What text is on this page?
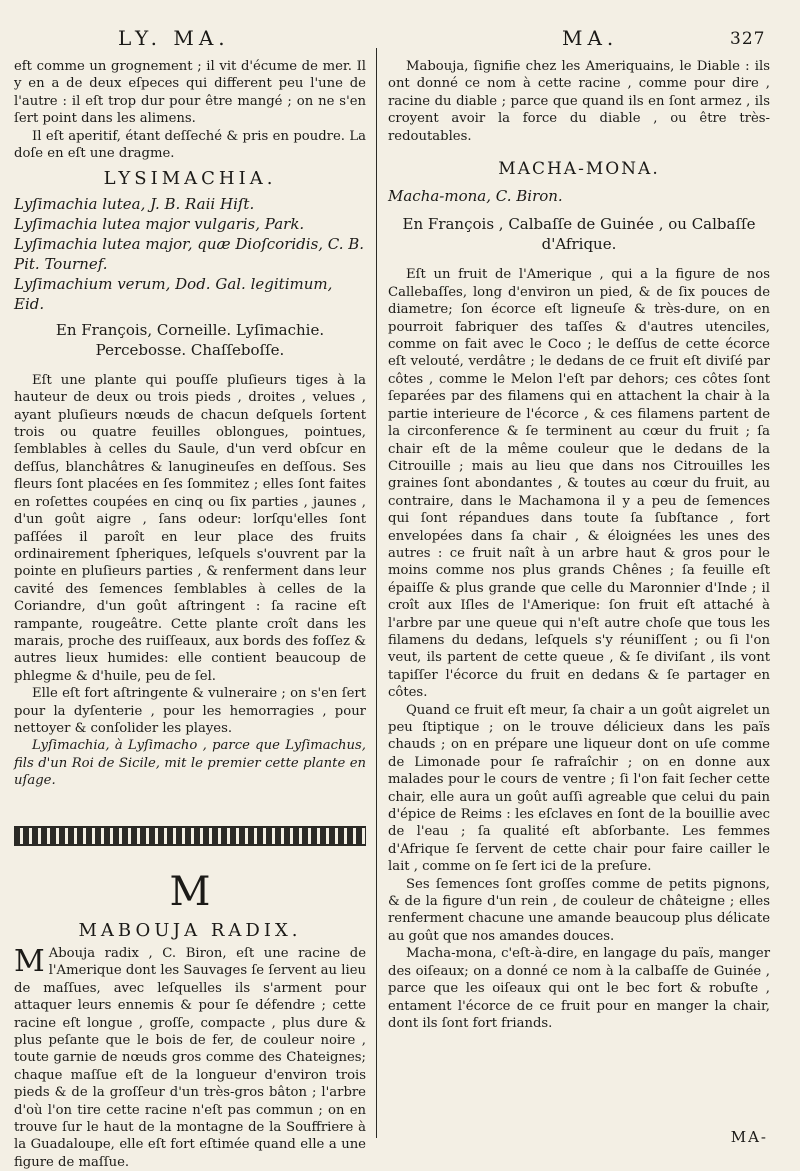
LY. MA.	MA.	327

eft comme un grognement ; il vit d'écume de mer. Il y en a de deux eſpeces qui different peu l'une de l'autre : il eſt trop dur pour être mangé ; on ne s'en ſert point dans les alimens.

Il eſt aperitif, étant deſſeché & pris en poudre. La doſe en eſt une dragme.

LYSIMACHIA.

Lyſimachia lutea, J. B. Raii Hiſt.

Lyſimachia lutea major vulgaris, Park.

Lyſimachia lutea major, quæ Dioſcoridis, C. B. Pit. Tournef.

Lyſimachium verum, Dod. Gal. legitimum, Eid.

En François, Corneille. Lyſimachie. Percebosse. Chaſſeboſſe.

Eſt une plante qui pouſſe pluſieurs tiges à la hauteur de deux ou trois pieds , droites , velues , ayant pluſieurs nœuds de chacun deſquels ſortent trois ou quatre feuilles oblongues, pointues, ſemblables à celles du Saule, d'un verd obſcur en deſſus, blanchâtres & lanugineuſes en deſſous. Ses fleurs ſont placées en ſes ſommitez ; elles ſont faites en roſettes coupées en cinq ou ſix parties , jaunes , d'un goût aigre , ſans odeur: lorſqu'elles ſont paſſées il paroît en leur place des fruits ordinairement ſpheriques, leſquels s'ouvrent par la pointe en pluſieurs parties , & renferment dans leur cavité des ſemences ſemblables à celles de la Coriandre, d'un goût aſtringent : ſa racine eſt rampante, rougeâtre. Cette plante croît dans les marais, proche des ruiſſeaux, aux bords des foſſez & autres lieux humides: elle contient beaucoup de phlegme & d'huile, peu de ſel.

Elle eſt fort aſtringente & vulneraire ; on s'en ſert pour la dyſenterie , pour les hemorragies , pour nettoyer & conſolider les playes.

Lyſimachia, à Lyſimacho , parce que Lyſimachus, fils d'un Roi de Sicile, mit le premier cette plante en uſage.

M
MABOUJA RADIX.

M Abouja radix , C. Biron, eſt une racine de l'Amerique dont les Sauvages ſe ſervent au lieu de maſſues, avec leſquelles ils s'arment pour attaquer leurs ennemis & pour ſe défendre ; cette racine eſt longue , groſſe, compacte , plus dure & plus peſante que le bois de fer, de couleur noire , toute garnie de nœuds gros comme des Chateignes; chaque maſſue eſt de la longueur d'environ trois pieds & de la groſſeur d'un très-gros bâton ; l'arbre d'où l'on tire cette racine n'eſt pas commun ; on en trouve ſur le haut de la montagne de la Souffriere à la Guadaloupe, elle eſt fort eſtimée quand elle a une figure de maſſue.

Mabouja, ſignifie chez les Ameriquains, le Diable : ils ont donné ce nom à cette racine , comme pour dire , racine du diable ; parce que quand ils en ſont armez , ils croyent avoir la force du diable , ou être très-redoutables.

MACHA-MONA.

Macha-mona, C. Biron.

En François , Calbaſſe de Guinée , ou Calbaſſe d'Afrique.

Eſt un fruit de l'Amerique , qui a la figure de nos Callebaſſes, long d'environ un pied, & de ſix pouces de diametre; ſon écorce eſt ligneuſe & très-dure, on en pourroit fabriquer des taſſes & d'autres utenciles, comme on fait avec le Coco ; le deſſus de cette écorce eſt velouté, verdâtre ; le dedans de ce fruit eſt diviſé par côtes , comme le Melon l'eſt par dehors; ces côtes ſont ſeparées par des filamens qui en attachent la chair à la partie interieure de l'écorce , & ces filamens partent de la circonference & ſe terminent au cœur du fruit ; ſa chair eſt de la même couleur que le dedans de la Citrouille ; mais au lieu que dans nos Citrouilles les graines ſont abondantes , & toutes au cœur du fruit, au contraire, dans le Machamona il y a peu de ſemences qui ſont répandues dans toute ſa ſubſtance , fort envelopées dans ſa chair , & éloignées les unes des autres : ce fruit naît à un arbre haut & gros pour le moins comme nos plus grands Chênes ; ſa feuille eſt épaiſſe & plus grande que celle du Maronnier d'Inde ; il croît aux Iſles de l'Amerique: ſon fruit eſt attaché à l'arbre par une queue qui n'eſt autre choſe que tous les filamens du dedans, leſquels s'y réuniſſent ; ou ſi l'on veut, ils partent de cette queue , & ſe diviſant , ils vont tapiſſer l'écorce du fruit en dedans & ſe partager en côtes.

Quand ce fruit eſt meur, ſa chair a un goût aigrelet un peu ſtiptique ; on le trouve délicieux dans les païs chauds ; on en prépare une liqueur dont on uſe comme de Limonade pour ſe rafraîchir ; on en donne aux malades pour le cours de ventre ; ſi l'on fait ſecher cette chair, elle aura un goût auſſi agreable que celui du pain d'épice de Reims : les eſclaves en ſont de la bouillie avec de l'eau ; ſa qualité eſt abſorbante. Les femmes d'Afrique ſe ſervent de cette chair pour faire cailler le lait , comme on ſe ſert ici de la preſure.

Ses ſemences ſont groſſes comme de petits pignons, & de la figure d'un rein , de couleur de châteigne ; elles renferment chacune une amande beaucoup plus délicate au goût que nos amandes douces.

Macha-mona, c'eſt-à-dire, en langage du païs, manger des oiſeaux; on a donné ce nom à la calbaſſe de Guinée , parce que les oiſeaux qui ont le bec fort & robuſte , entament l'écorce de ce fruit pour en manger la chair, dont ils ſont fort friands.

MA-
